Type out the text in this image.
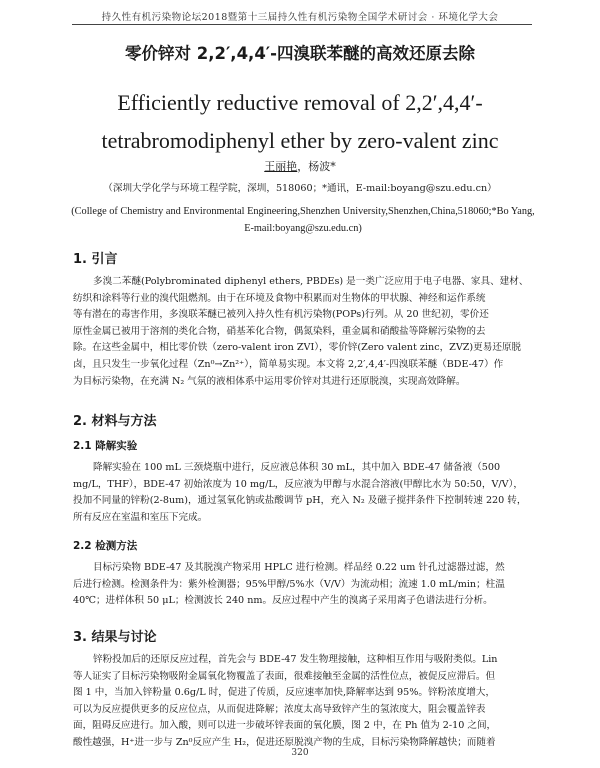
持久性有机污染物论坛2018暨第十三届持久性有机污染物全国学术研讨会 · 环境化学大会
零价锌对 2,2′,4,4′-四溴联苯醚的高效还原去除
Efficiently reductive removal of 2,2′,4,4′-tetrabromodiphenyl ether by zero-valent zinc
王丽艳，杨波*
（深圳大学化学与环境工程学院，深圳，518060；*通讯，E-mail:boyang@szu.edu.cn）
(College of Chemistry and Environmental Engineering,Shenzhen University,Shenzhen,China,518060;*Bo Yang, E-mail:boyang@szu.edu.cn)
1. 引言

多溴二苯醚(Polybrominated diphenyl ethers, PBDEs) 是一类广泛应用于电子电器、家具、建材、
纺织和涂料等行业的溴代阻燃剂。由于在环境及食物中积累而对生物体的甲状腺、神经和运作系统
等有潜在的毒害作用，多溴联苯醚已被列入持久性有机污染物(POPs)行列。从 20 世纪初，零价还
原性金属已被用于溶剂的类化合物，硝基苯化合物，偶氮染料，重金属和硝酸盐等降解污染物的去
除。在这些金属中，相比零价铁（zero-valent iron ZVI），零价锌(Zero valent zinc，ZVZ)更易还原脱
卤，且只发生一步氧化过程（Zn⁰→Zn²⁺），简单易实现。本文将 2,2′,4,4′-四溴联苯醚（BDE-47）作
为目标污染物，在充满 N₂ 气氛的液相体系中运用零价锌对其进行还原脱溴，实现高效降解。

2. 材料与方法
2.1 降解实验

降解实验在 100 mL 三颈烧瓶中进行，反应液总体积 30 mL，其中加入 BDE-47 储备液（500
mg/L，THF），BDE-47 初始浓度为 10 mg/L，反应液为甲醇与水混合溶液(甲醇比水为 50:50，V/V），
投加不同量的锌粉(2-8um)，通过氢氧化钠或盐酸调节 pH，充入 N₂ 及磁子搅拌条件下控制转速 220 转，
所有反应在室温和室压下完成。

2.2 检测方法

目标污染物 BDE-47 及其脱溴产物采用 HPLC 进行检测。样品经 0.22 um 针孔过滤器过滤，然
后进行检测。检测条件为：紫外检测器；95%甲醇/5%水（V/V）为流动相；流速 1.0 mL/min；柱温
40℃；进样体积 50 μL；检测波长 240 nm。反应过程中产生的溴离子采用离子色谱法进行分析。

3. 结果与讨论

锌粉投加后的还原反应过程，首先会与 BDE-47 发生物理接触，这种相互作用与吸附类似。Lin
等人证实了目标污染物吸附金属氧化物覆盖了表面，很难接触至金属的活性位点，被促反应滞后。但
图 1 中，当加入锌粉量 0.6g/L 时，促进了传质，反应速率加快,降解率达到 95%。锌粉浓度增大，
可以为反应提供更多的反应位点，从而促进降解；浓度太高导致锌产生的氢浓度大，阻会覆盖锌表
面，阻碍反应进行。加入酸，则可以进一步破坏锌表面的氧化膜，图 2 中，在 Ph 值为 2-10 之间，
酸性越强，H⁺进一步与 Zn⁰反应产生 H₂，促进还原脱溴产物的生成，目标污染物降解越快；而随着

320
